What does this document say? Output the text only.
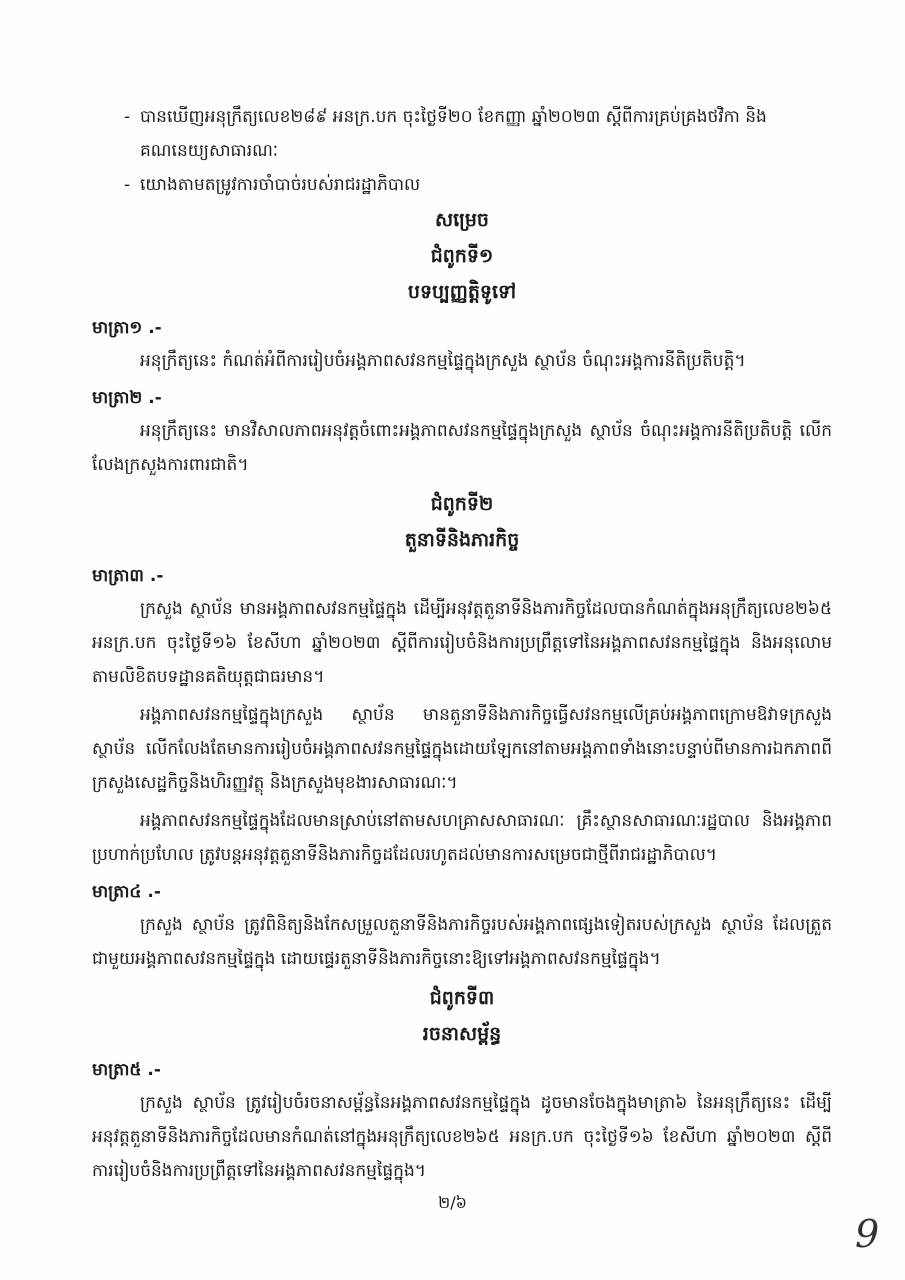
- បានឃើញអនុក្រឹត្យលេខ២៨៩ អនក្រ.បក ចុះថ្ងៃទី២០ ខែកញ្ញា ឆ្នាំ២០២៣ ស្តីពីការគ្រប់គ្រងថវិកា និងគណនេយ្យសាធារណៈ

- យោងតាមតម្រូវការចាំបាច់របស់រាជរដ្ឋាភិបាល

សម្រេច

ជំពូកទី១

បទប្បញ្ញត្តិទូទៅ

មាត្រា១ .-

អនុក្រឹត្យនេះ កំណត់អំពីការរៀបចំអង្គភាពសវនកម្មផ្ទៃក្នុងក្រសួង ស្ថាប័ន ចំណុះអង្គការនីតិប្រតិបត្តិ។

មាត្រា២ .-

អនុក្រឹត្យនេះ មានវិសាលភាពអនុវត្តចំពោះអង្គភាពសវនកម្មផ្ទៃក្នុងក្រសួង ស្ថាប័ន ចំណុះអង្គការនីតិប្រតិបត្តិ លើកលែងក្រសួងការពារជាតិ។

ជំពូកទី២

តួនាទីនិងភារកិច្ច

មាត្រា៣ .-

ក្រសួង ស្ថាប័ន មានអង្គភាពសវនកម្មផ្ទៃក្នុង ដើម្បីអនុវត្តតួនាទីនិងភារកិច្ចដែលបានកំណត់ក្នុងអនុក្រឹត្យលេខ២៦៥ អនក្រ.បក ចុះថ្ងៃទី១៦ ខែសីហា ឆ្នាំ២០២៣ ស្តីពីការរៀបចំនិងការប្រព្រឹត្តទៅនៃអង្គភាពសវនកម្មផ្ទៃក្នុង និងអនុលោមតាមលិខិតបទដ្ឋានគតិយុត្តជាធរមាន។

អង្គភាពសវនកម្មផ្ទៃក្នុងក្រសួង ស្ថាប័ន មានតួនាទីនិងភារកិច្ចធ្វើសវនកម្មលើគ្រប់អង្គភាពក្រោមឱវាទក្រសួង ស្ថាប័ន លើកលែងតែមានការរៀបចំអង្គភាពសវនកម្មផ្ទៃក្នុងដោយឡែកនៅតាមអង្គភាពទាំងនោះបន្ទាប់ពីមានការឯកភាពពីក្រសួងសេដ្ឋកិច្ចនិងហិរញ្ញវត្ថុ និងក្រសួងមុខងារសាធារណៈ។

អង្គភាពសវនកម្មផ្ទៃក្នុងដែលមានស្រាប់នៅតាមសហគ្រាសសាធារណៈ គ្រឹះស្ថានសាធារណៈរដ្ឋបាល និងអង្គភាពប្រហាក់ប្រហែល ត្រូវបន្តអនុវត្តតួនាទីនិងភារកិច្ចដដែលរហូតដល់មានការសម្រេចជាថ្មីពីរាជរដ្ឋាភិបាល។

មាត្រា៤ .-

ក្រសួង ស្ថាប័ន ត្រូវពិនិត្យនិងកែសម្រួលតួនាទីនិងភារកិច្ចរបស់អង្គភាពផ្សេងទៀតរបស់ក្រសួង ស្ថាប័ន ដែលត្រួតជាមួយអង្គភាពសវនកម្មផ្ទៃក្នុង ដោយផ្ទេរតួនាទីនិងភារកិច្ចនោះឱ្យទៅអង្គភាពសវនកម្មផ្ទៃក្នុង។

ជំពូកទី៣

រចនាសម្ព័ន្ធ

មាត្រា៥ .-

ក្រសួង ស្ថាប័ន ត្រូវរៀបចំរចនាសម្ព័ន្ធនៃអង្គភាពសវនកម្មផ្ទៃក្នុង ដូចមានចែងក្នុងមាត្រា៦ នៃអនុក្រឹត្យនេះ ដើម្បីអនុវត្តតួនាទីនិងភារកិច្ចដែលមានកំណត់នៅក្នុងអនុក្រឹត្យលេខ២៦៥ អនក្រ.បក ចុះថ្ងៃទី១៦ ខែសីហា ឆ្នាំ២០២៣ ស្តីពីការរៀបចំនិងការប្រព្រឹត្តទៅនៃអង្គភាពសវនកម្មផ្ទៃក្នុង។

២/៦
9
